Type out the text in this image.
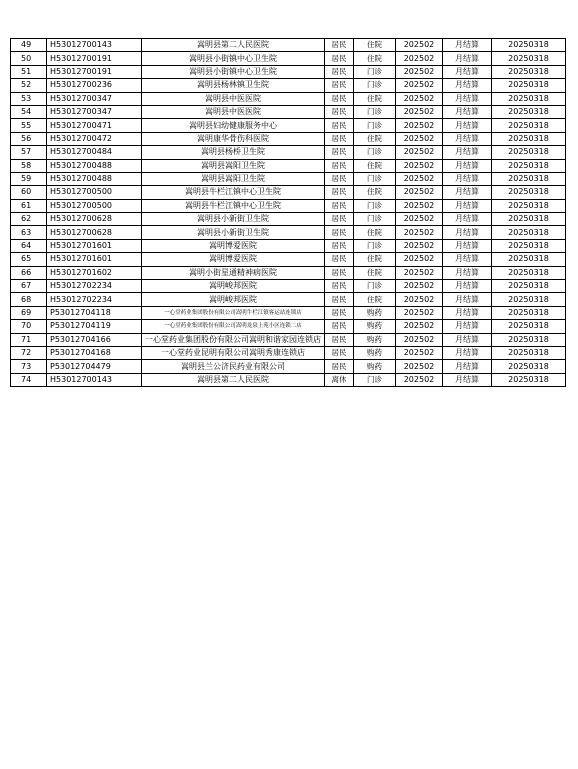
49	H53012700143	嵩明县第二人民医院	居民	住院	202502	月结算	20250318
50	H53012700191	嵩明县小街镇中心卫生院	居民	住院	202502	月结算	20250318
51	H53012700191	嵩明县小街镇中心卫生院	居民	门诊	202502	月结算	20250318
52	H53012700236	嵩明县杨林镇卫生院	居民	门诊	202502	月结算	20250318
53	H53012700347	嵩明县中医医院	居民	住院	202502	月结算	20250318
54	H53012700347	嵩明县中医医院	居民	门诊	202502	月结算	20250318
55	H53012700471	嵩明县妇幼健康服务中心	居民	门诊	202502	月结算	20250318
56	H53012700472	嵩明康华骨伤科医院	居民	住院	202502	月结算	20250318
57	H53012700484	嵩明县杨桥卫生院	居民	门诊	202502	月结算	20250318
58	H53012700488	嵩明县嵩阳卫生院	居民	住院	202502	月结算	20250318
59	H53012700488	嵩明县嵩阳卫生院	居民	门诊	202502	月结算	20250318
60	H53012700500	嵩明县牛栏江镇中心卫生院	居民	住院	202502	月结算	20250318
61	H53012700500	嵩明县牛栏江镇中心卫生院	居民	门诊	202502	月结算	20250318
62	H53012700628	嵩明县小新街卫生院	居民	门诊	202502	月结算	20250318
63	H53012700628	嵩明县小新街卫生院	居民	住院	202502	月结算	20250318
64	H53012701601	嵩明博爱医院	居民	门诊	202502	月结算	20250318
65	H53012701601	嵩明博爱医院	居民	住院	202502	月结算	20250318
66	H53012701602	嵩明小街星通精神病医院	居民	住院	202502	月结算	20250318
67	H53012702234	嵩明峻邦医院	居民	门诊	202502	月结算	20250318
68	H53012702234	嵩明峻邦医院	居民	住院	202502	月结算	20250318
69	P53012704118	一心堂药业集团股份有限公司嵩明牛栏江镇客运站连锁店	居民	购药	202502	月结算	20250318
70	P53012704119	一心堂药业集团股份有限公司嵩明龙泉上苑小区连锁二店	居民	购药	202502	月结算	20250318
71	P53012704166	一心堂药业集团股份有限公司嵩明和谐家园连锁店	居民	购药	202502	月结算	20250318
72	P53012704168	一心堂药业昆明有限公司嵩明秀康连锁店	居民	购药	202502	月结算	20250318
73	P53012704479	嵩明县兰公济民药业有限公司	居民	购药	202502	月结算	20250318
74	H53012700143	嵩明县第二人民医院	离休	门诊	202502	月结算	20250318
